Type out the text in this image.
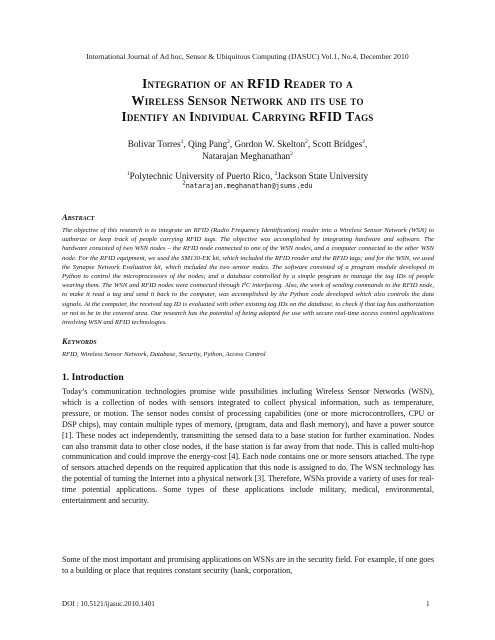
International Journal of Ad hoc, Sensor & Ubiquitous Computing (IJASUC) Vol.1, No.4, December 2010
Integration of an RFID Reader to a
Wireless Sensor Network and its use to
Identify an Individual Carrying RFID Tags
Bolivar Torres$^1$, Qing Pang$^2$, Gordon W. Skelton$^2$, Scott Bridges$^2$,
Natarajan Meghanathan$^2$
$^1$Polytechnic University of Puerto Rico, $^2$Jackson State University
$^2$natarajan.meghanathan@jsums.edu
Abstract
The objective of this research is to integrate an RFID (Radio Frequency Identification) reader into a Wireless Sensor Network (WSN) to authorize or keep track of people carrying RFID tags. The objective was accomplished by integrating hardware and software. The hardware consisted of two WSN nodes – the RFID node connected to one of the WSN nodes, and a computer connected to the other WSN node. For the RFID equipment, we used the SM130-EK kit, which included the RFID reader and the RFID tags; and for the WSN, we used the Synapse Network Evaluation kit, which included the two sensor nodes. The software consisted of a program module developed in Python to control the microprocessors of the nodes; and a database controlled by a simple program to manage the tag IDs of people wearing them. The WSN and RFID nodes were connected through I²C interfacing. Also, the work of sending commands to the RFID node, to make it read a tag and send it back to the computer, was accomplished by the Python code developed which also controls the data signals. At the computer, the received tag ID is evaluated with other existing tag IDs on the database, to check if that tag has authorization or not to be in the covered area. Our research has the potential of being adapted for use with secure real-time access control applications involving WSN and RFID technologies.
Keywords
RFID, Wireless Sensor Network, Database, Security, Python, Access Control
1. Introduction
Today’s communication technologies promise wide possibilities including Wireless Sensor Networks (WSN), which is a collection of nodes with sensors integrated to collect physical information, such as temperature, pressure, or motion. The sensor nodes consist of processing capabilities (one or more microcontrollers, CPU or DSP chips), may contain multiple types of memory, (program, data and flash memory), and have a power source [1]. These nodes act independently, transmitting the sensed data to a base station for further examination. Nodes can also transmit data to other close nodes, if the base station is far away from that node. This is called multi-hop communication and could improve the energy-cost [4]. Each node contains one or more sensors attached. The type of sensors attached depends on the required application that this node is assigned to do. The WSN technology has the potential of turning the Internet into a physical network [3]. Therefore, WSNs provide a variety of uses for real-time potential applications. Some types of these applications include military, medical, environmental, entertainment and security.
Some of the most important and promising applications on WSNs are in the security field. For example, if one goes to a building or place that requires constant security (bank, corporation,
DOI : 10.5121/ijasuc.2010.1401	1
